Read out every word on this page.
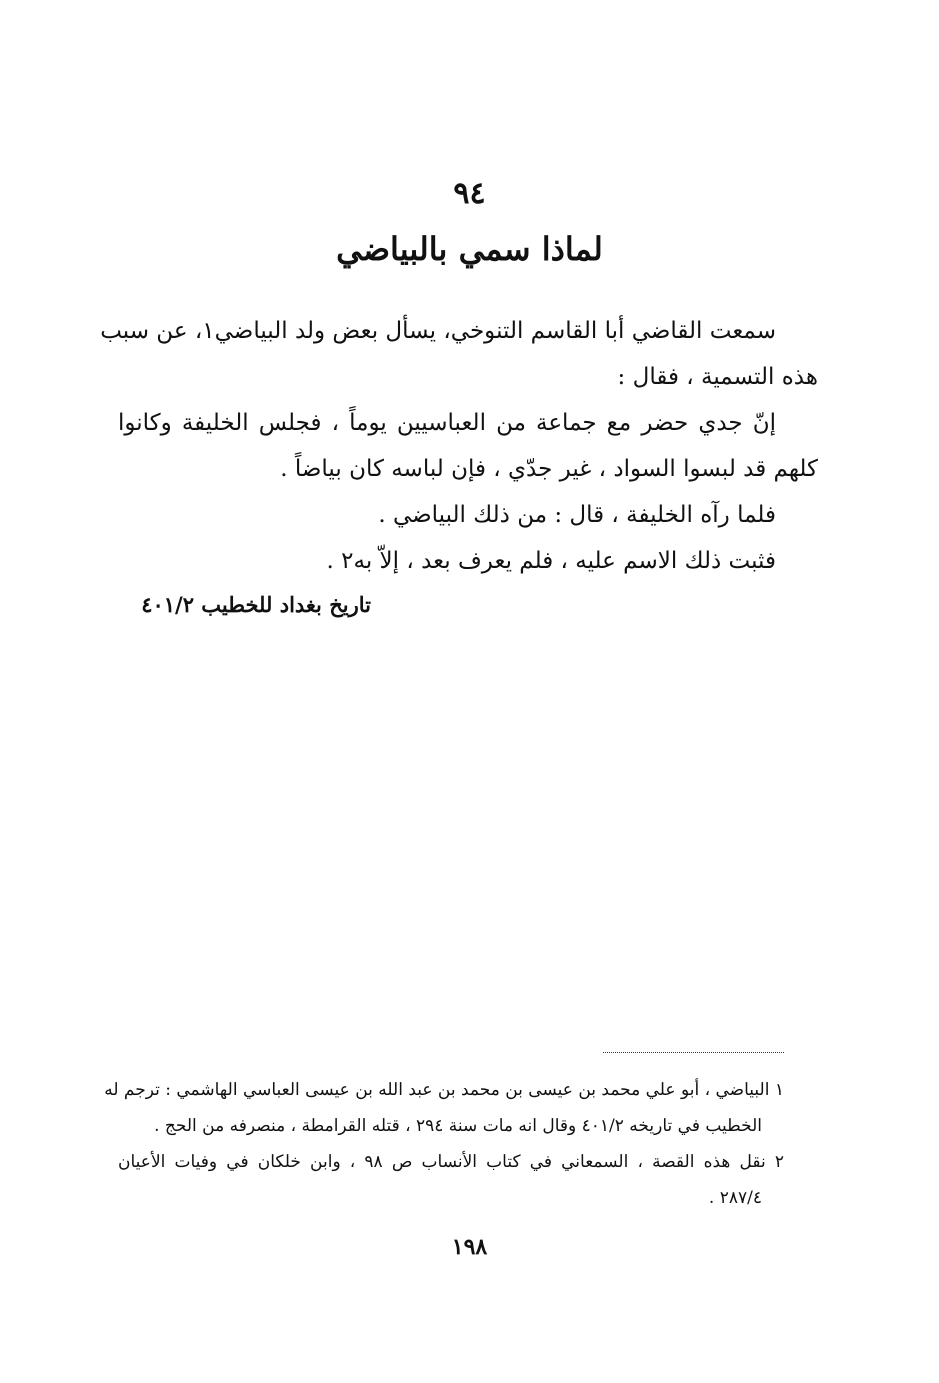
٩٤
لماذا سمي بالبياضي
سمعت القاضي أبا القاسم التنوخي، يسأل بعض ولد البياضي١، عن سبب
هذه التسمية ، فقال :
إنّ جدي حضر مع جماعة من العباسيين يوماً ، فجلس الخليفة وكانوا
كلهم قد لبسوا السواد ، غير جدّي ، فإن لباسه كان بياضاً .
فلما رآه الخليفة ، قال : من ذلك البياضي .
فثبت ذلك الاسم عليه ، فلم يعرف بعد ، إلاّ به٢ .
تاريخ بغداد للخطيب ٤٠١/٢
١ البياضي ، أبو علي محمد بن عيسى بن محمد بن عبد الله بن عيسى العباسي الهاشمي : ترجم له
الخطيب في تاريخه ٤٠١/٢ وقال انه مات سنة ٢٩٤ ، قتله القرامطة ، منصرفه من الحج .
٢ نقل هذه القصة ، السمعاني في كتاب الأنساب ص ٩٨ ، وابن خلكان في وفيات الأعيان
٢٨٧/٤ .
١٩٨
